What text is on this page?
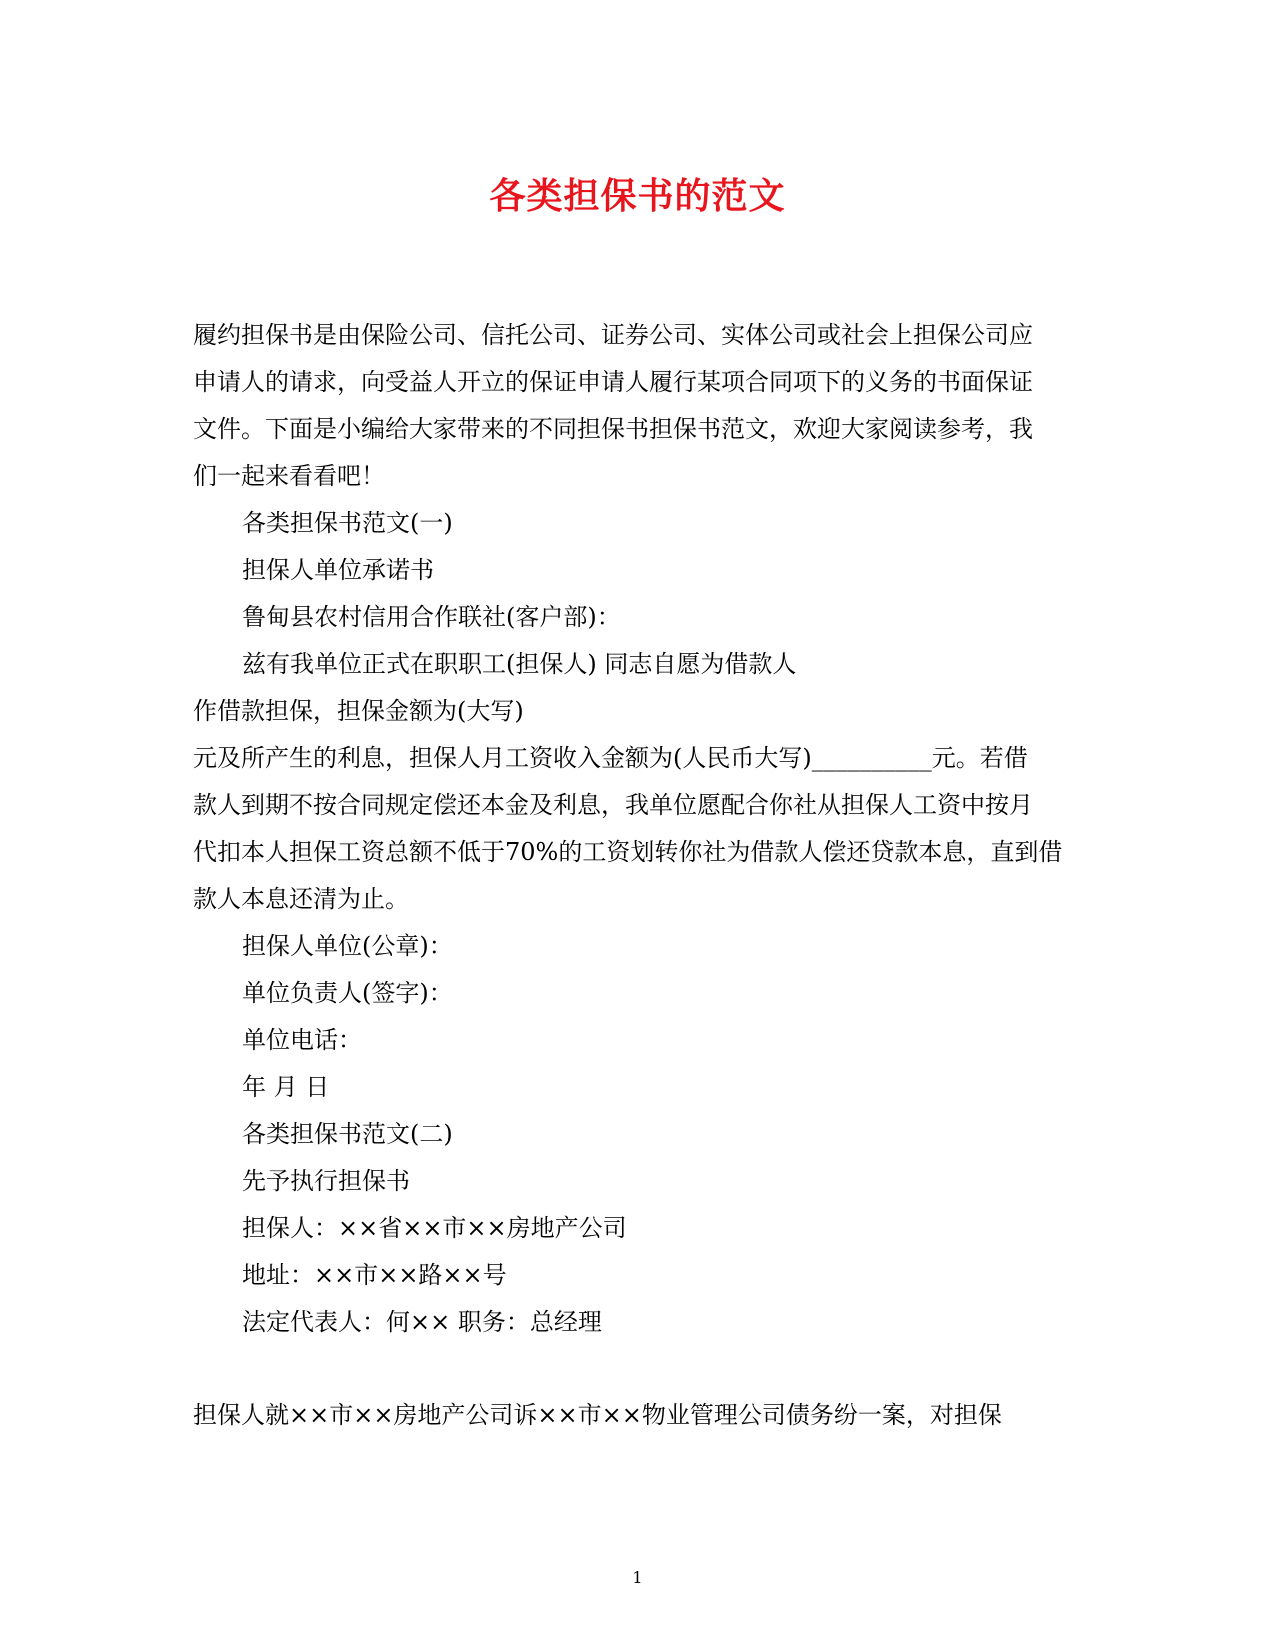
各类担保书的范文
履约担保书是由保险公司、信托公司、证券公司、实体公司或社会上担保公司应
申请人的请求，向受益人开立的保证申请人履行某项合同项下的义务的书面保证
文件。下面是小编给大家带来的不同担保书担保书范文，欢迎大家阅读参考，我
们一起来看看吧！
各类担保书范文(一)
担保人单位承诺书
鲁甸县农村信用合作联社(客户部)：
兹有我单位正式在职职工(担保人) 同志自愿为借款人
作借款担保，担保金额为(大写)
元及所产生的利息，担保人月工资收入金额为(人民币大写)__________元。若借
款人到期不按合同规定偿还本金及利息，我单位愿配合你社从担保人工资中按月
代扣本人担保工资总额不低于70%的工资划转你社为借款人偿还贷款本息，直到借
款人本息还清为止。
担保人单位(公章)：
单位负责人(签字)：
单位电话：
年 月 日
各类担保书范文(二)
先予执行担保书
担保人：××省××市××房地产公司
地址：××市××路××号
法定代表人：何×× 职务：总经理
担保人就××市××房地产公司诉××市××物业管理公司债务纷一案，对担保
1
